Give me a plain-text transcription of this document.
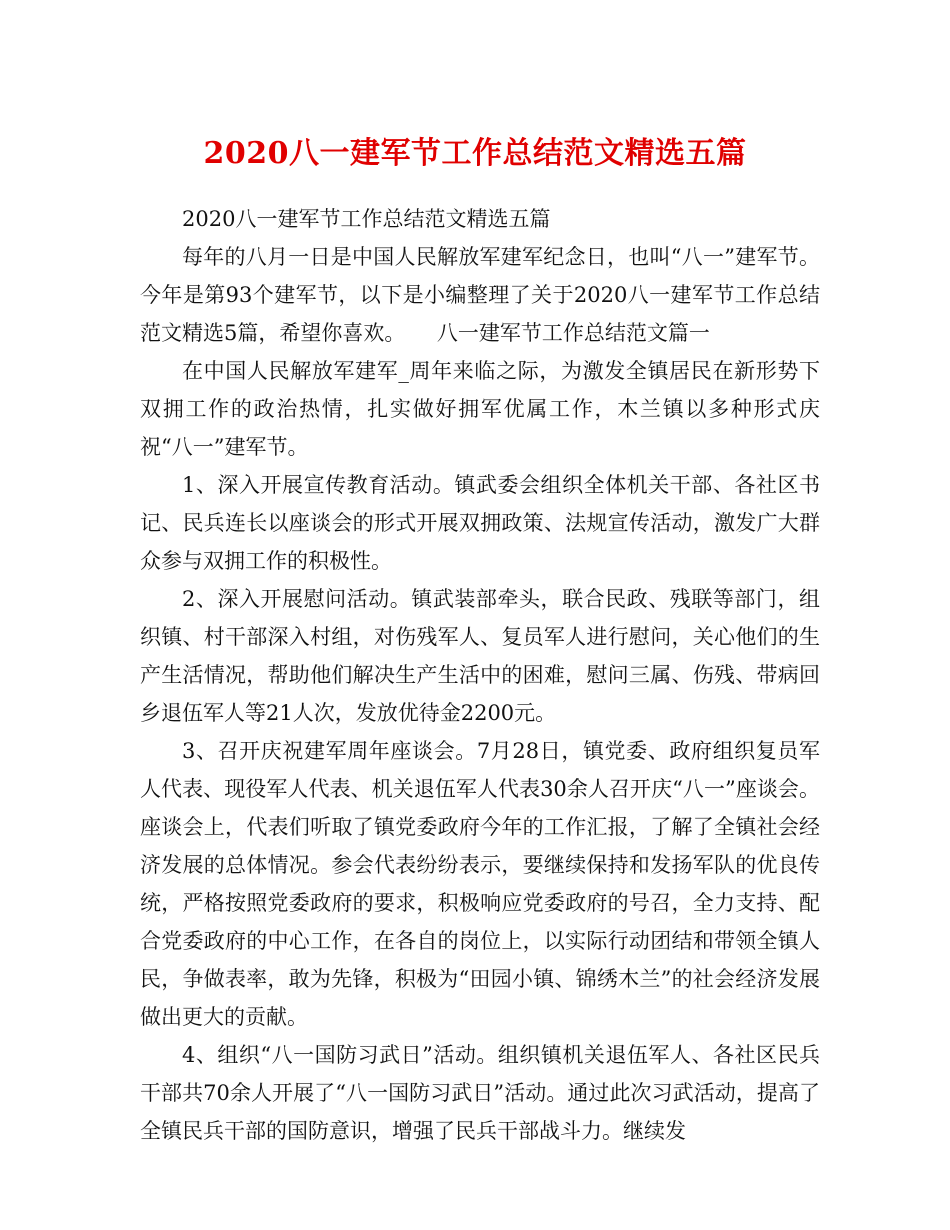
2020八一建军节工作总结范文精选五篇

2020八一建军节工作总结范文精选五篇

每年的八月一日是中国人民解放军建军纪念日，也叫“八一”建军节。今年是第93个建军节，以下是小编整理了关于2020八一建军节工作总结范文精选5篇，希望你喜欢。　　八一建军节工作总结范文篇一

在中国人民解放军建军_周年来临之际，为激发全镇居民在新形势下双拥工作的政治热情，扎实做好拥军优属工作，木兰镇以多种形式庆祝“八一”建军节。

1、深入开展宣传教育活动。镇武委会组织全体机关干部、各社区书记、民兵连长以座谈会的形式开展双拥政策、法规宣传活动，激发广大群众参与双拥工作的积极性。

2、深入开展慰问活动。镇武装部牵头，联合民政、残联等部门，组织镇、村干部深入村组，对伤残军人、复员军人进行慰问，关心他们的生产生活情况，帮助他们解决生产生活中的困难，慰问三属、伤残、带病回乡退伍军人等21人次，发放优待金2200元。

3、召开庆祝建军周年座谈会。7月28日，镇党委、政府组织复员军人代表、现役军人代表、机关退伍军人代表30余人召开庆“八一”座谈会。座谈会上，代表们听取了镇党委政府今年的工作汇报，了解了全镇社会经济发展的总体情况。参会代表纷纷表示，要继续保持和发扬军队的优良传统，严格按照党委政府的要求，积极响应党委政府的号召，全力支持、配合党委政府的中心工作，在各自的岗位上，以实际行动团结和带领全镇人民，争做表率，敢为先锋，积极为“田园小镇、锦绣木兰”的社会经济发展做出更大的贡献。

4、组织“八一国防习武日”活动。组织镇机关退伍军人、各社区民兵干部共70余人开展了“八一国防习武日”活动。通过此次习武活动，提高了全镇民兵干部的国防意识，增强了民兵干部战斗力。继续发
